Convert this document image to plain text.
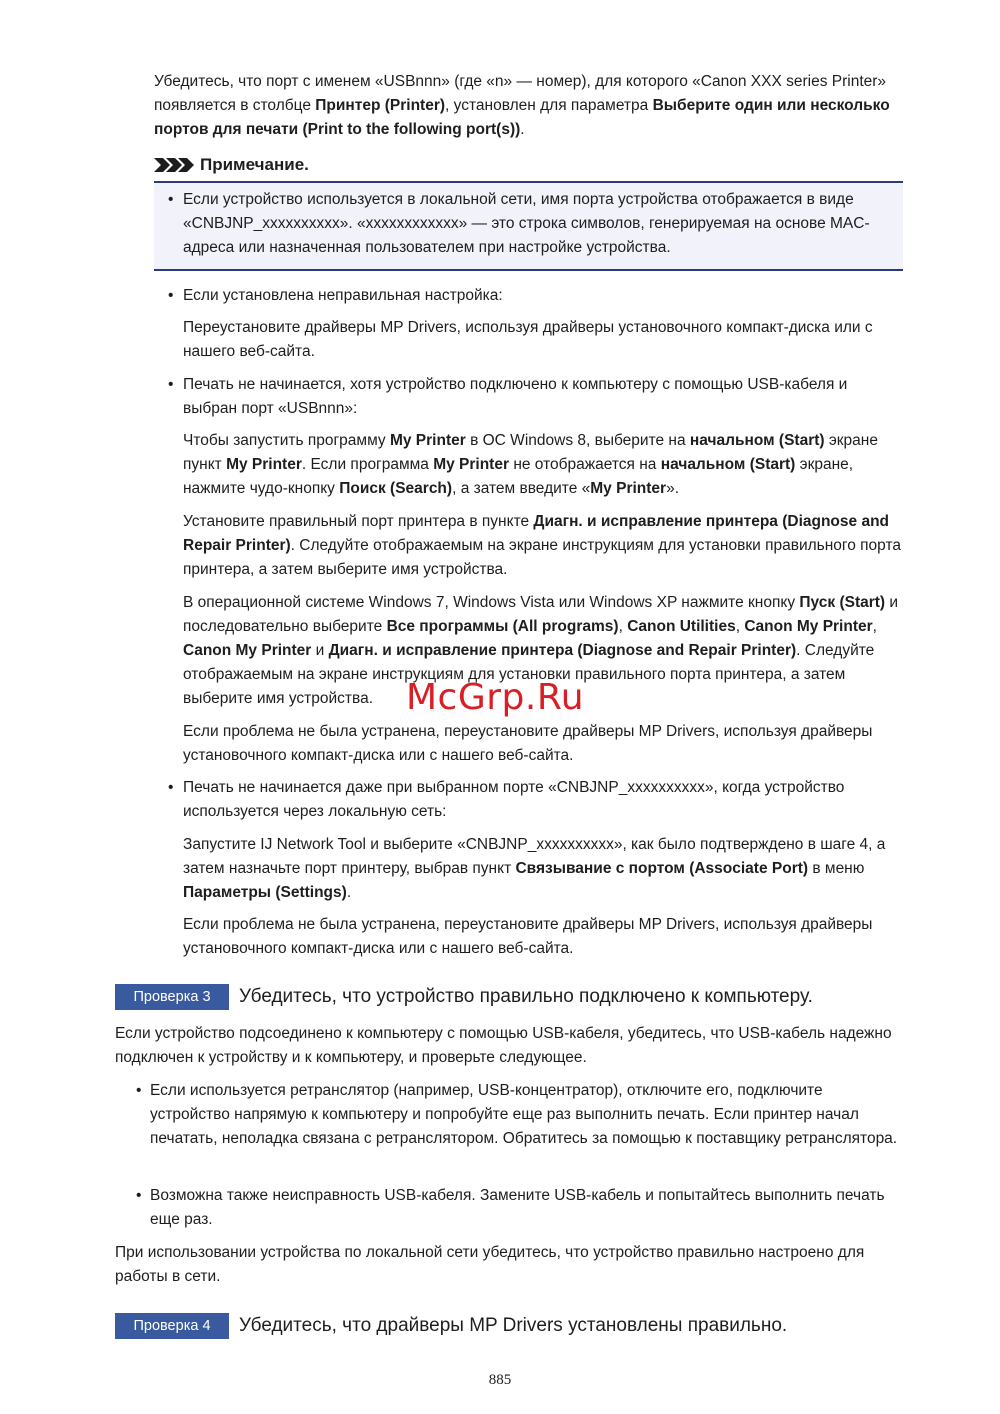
Убедитесь, что порт с именем «USBnnn» (где «n» — номер), для которого «Canon XXX series Printer» появляется в столбце Принтер (Printer), установлен для параметра Выберите один или несколько портов для печати (Print to the following port(s)).

Примечание.
• Если устройство используется в локальной сети, имя порта устройства отображается в виде «CNBJNP_xxxxxxxxxx». «xxxxxxxxxxxx» — это строка символов, генерируемая на основе MAC-адреса или назначенная пользователем при настройке устройства.

• Если установлена неправильная настройка:

Переустановите драйверы MP Drivers, используя драйверы установочного компакт-диска или с нашего веб-сайта.

• Печать не начинается, хотя устройство подключено к компьютеру с помощью USB-кабеля и выбран порт «USBnnn»:

Чтобы запустить программу My Printer в ОС Windows 8, выберите на начальном (Start) экране пункт My Printer. Если программа My Printer не отображается на начальном (Start) экране, нажмите чудо-кнопку Поиск (Search), а затем введите «My Printer».

Установите правильный порт принтера в пункте Диагн. и исправление принтера (Diagnose and Repair Printer). Следуйте отображаемым на экране инструкциям для установки правильного порта принтера, а затем выберите имя устройства.

В операционной системе Windows 7, Windows Vista или Windows XP нажмите кнопку Пуск (Start) и последовательно выберите Все программы (All programs), Canon Utilities, Canon My Printer, Canon My Printer и Диагн. и исправление принтера (Diagnose and Repair Printer). Следуйте отображаемым на экране инструкциям для установки правильного порта принтера, а затем выберите имя устройства.

Если проблема не была устранена, переустановите драйверы MP Drivers, используя драйверы установочного компакт-диска или с нашего веб-сайта.

• Печать не начинается даже при выбранном порте «CNBJNP_xxxxxxxxxx», когда устройство используется через локальную сеть:

Запустите IJ Network Tool и выберите «CNBJNP_xxxxxxxxxx», как было подтверждено в шаге 4, а затем назначьте порт принтеру, выбрав пункт Связывание с портом (Associate Port) в меню Параметры (Settings).

Если проблема не была устранена, переустановите драйверы MP Drivers, используя драйверы установочного компакт-диска или с нашего веб-сайта.

Проверка 3	Убедитесь, что устройство правильно подключено к компьютеру.

Если устройство подсоединено к компьютеру с помощью USB-кабеля, убедитесь, что USB-кабель надежно подключен к устройству и к компьютеру, и проверьте следующее.

• Если используется ретранслятор (например, USB-концентратор), отключите его, подключите устройство напрямую к компьютеру и попробуйте еще раз выполнить печать. Если принтер начал печатать, неполадка связана с ретранслятором. Обратитесь за помощью к поставщику ретранслятора.

• Возможна также неисправность USB-кабеля. Замените USB-кабель и попытайтесь выполнить печать еще раз.

При использовании устройства по локальной сети убедитесь, что устройство правильно настроено для работы в сети.

Проверка 4	Убедитесь, что драйверы MP Drivers установлены правильно.
McGrp.Ru
885
